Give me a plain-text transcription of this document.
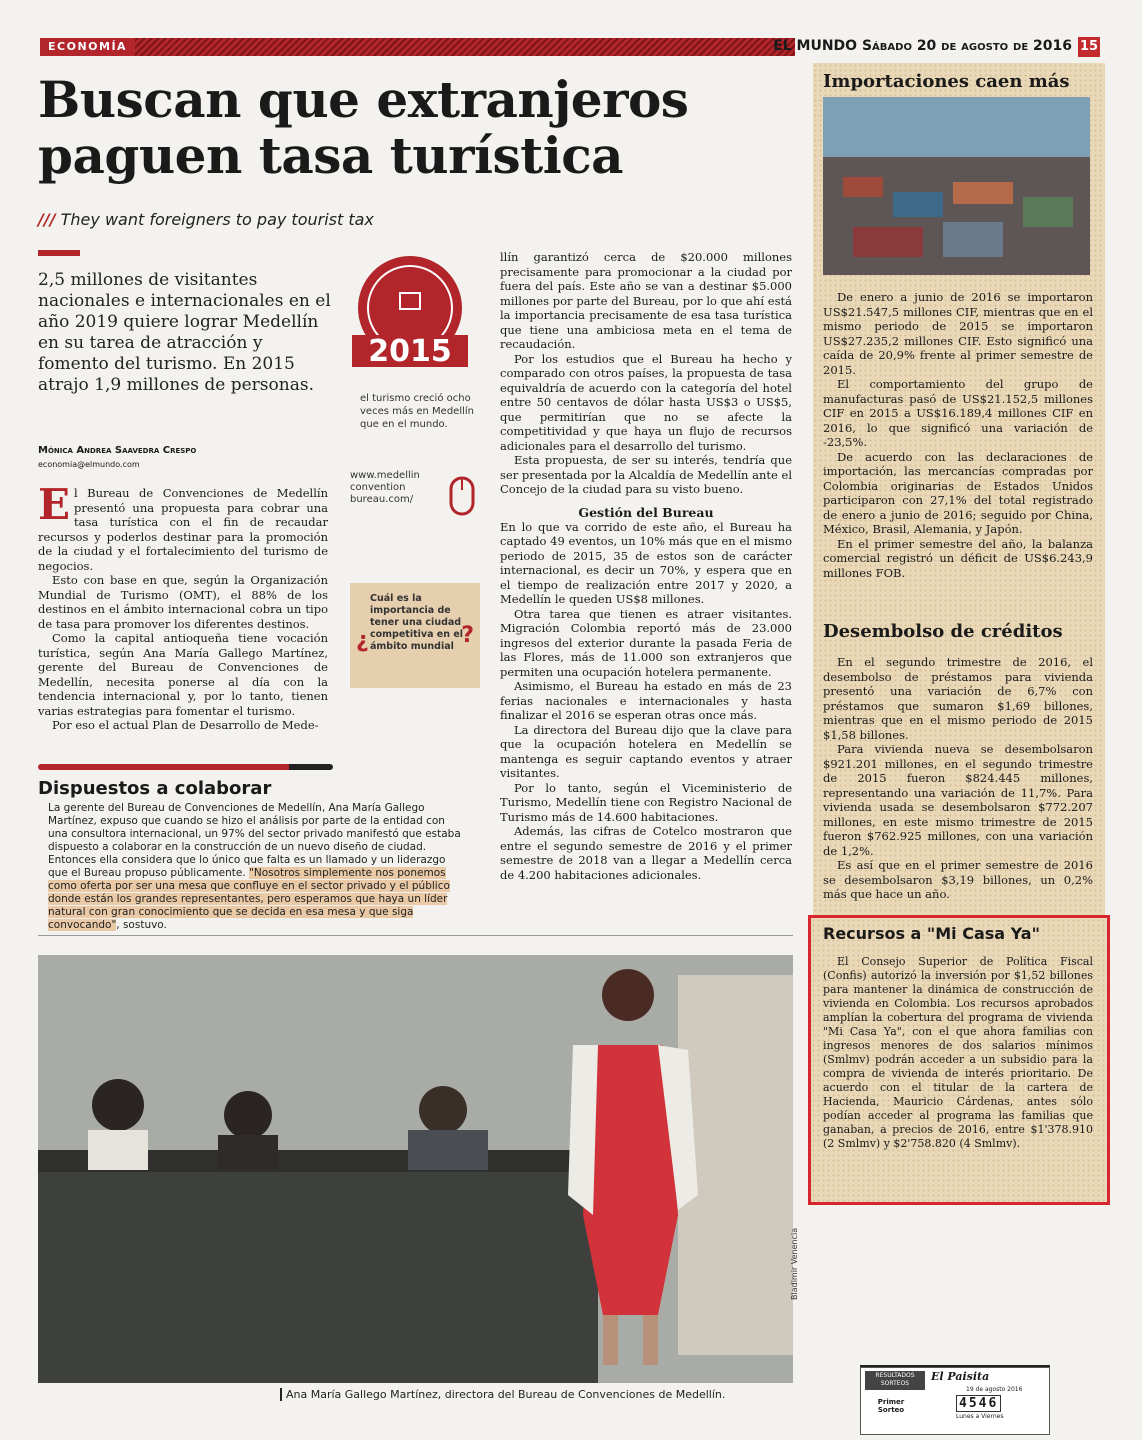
ECONOMÍA	EL MUNDO Sábado 20 de agosto de 2016 15
Buscan que extranjeros
paguen tasa turística
/// They want foreigners to pay tourist tax
2,5 millones de visitantes nacionales e internacionales en el año 2019 quiere lograr Medellín en su tarea de atracción y fomento del turismo. En 2015 atrajo 1,9 millones de personas.
Mónica Andrea Saavedra Crespo
economia@elmundo.com

El Bureau de Convenciones de Medellín presentó una propuesta para cobrar una tasa turística con el fin de recaudar recursos y poderlos destinar para la promoción de la ciudad y el fortalecimiento del turismo de negocios.

Esto con base en que, según la Organización Mundial de Turismo (OMT), el 88% de los destinos en el ámbito internacional cobra un tipo de tasa para promover los diferentes destinos.

Como la capital antioqueña tiene vocación turística, según Ana María Gallego Martínez, gerente del Bureau de Convenciones de Medellín, necesita ponerse al día con la tendencia internacional y, por lo tanto, tienen varias estrategias para fomentar el turismo.

Por eso el actual Plan de Desarrollo de Mede-

2015
el turismo creció ocho veces más en Medellín que en el mundo.
www.medellin convention bureau.com/
¿
Cuál es la importancia de tener una ciudad competitiva en el ámbito mundial ?

llín garantizó cerca de $20.000 millones precisamente para promocionar a la ciudad por fuera del país. Este año se van a destinar $5.000 millones por parte del Bureau, por lo que ahí está la importancia precisamente de esa tasa turística que tiene una ambiciosa meta en el tema de recaudación.

Por los estudios que el Bureau ha hecho y comparado con otros países, la propuesta de tasa equivaldría de acuerdo con la categoría del hotel entre 50 centavos de dólar hasta US$3 o US$5, que permitirían que no se afecte la competitividad y que haya un flujo de recursos adicionales para el desarrollo del turismo.

Esta propuesta, de ser su interés, tendría que ser presentada por la Alcaldía de Medellín ante el Concejo de la ciudad para su visto bueno.

Gestión del Bureau

En lo que va corrido de este año, el Bureau ha captado 49 eventos, un 10% más que en el mismo periodo de 2015, 35 de estos son de carácter internacional, es decir un 70%, y espera que en el tiempo de realización entre 2017 y 2020, a Medellín le queden US$8 millones.

Otra tarea que tienen es atraer visitantes. Migración Colombia reportó más de 23.000 ingresos del exterior durante la pasada Feria de las Flores, más de 11.000 son extranjeros que permiten una ocupación hotelera permanente.

Asimismo, el Bureau ha estado en más de 23 ferias nacionales e internacionales y hasta finalizar el 2016 se esperan otras once más.

La directora del Bureau dijo que la clave para que la ocupación hotelera en Medellín se mantenga es seguir captando eventos y atraer visitantes.

Por lo tanto, según el Viceministerio de Turismo, Medellín tiene con Registro Nacional de Turismo más de 14.600 habitaciones.

Además, las cifras de Cotelco mostraron que entre el segundo semestre de 2016 y el primer semestre de 2018 van a llegar a Medellín cerca de 4.200 habitaciones adicionales.

Dispuestos a colaborar
La gerente del Bureau de Convenciones de Medellín, Ana María Gallego Martínez, expuso que cuando se hizo el análisis por parte de la entidad con una consultora internacional, un 97% del sector privado manifestó que estaba dispuesto a colaborar en la construcción de un nuevo diseño de ciudad. Entonces ella considera que lo único que falta es un llamado y un liderazgo que el Bureau propuso públicamente. "Nosotros simplemente nos ponemos como oferta por ser una mesa que confluye en el sector privado y el público donde están los grandes representantes, pero esperamos que haya un líder natural con gran conocimiento que se decida en esa mesa y que siga convocando", sostuvo.
Ana María Gallego Martínez, directora del Bureau de Convenciones de Medellín.
Bladimir Venencia
Importaciones caen más

De enero a junio de 2016 se importaron US$21.547,5 millones CIF, mientras que en el mismo periodo de 2015 se importaron US$27.235,2 millones CIF. Esto significó una caída de 20,9% frente al primer semestre de 2015.

El comportamiento del grupo de manufacturas pasó de US$21.152,5 millones CIF en 2015 a US$16.189,4 millones CIF en 2016, lo que significó una variación de -23,5%.

De acuerdo con las declaraciones de importación, las mercancías compradas por Colombia originarias de Estados Unidos participaron con 27,1% del total registrado de enero a junio de 2016; seguido por China, México, Brasil, Alemania, y Japón.

En el primer semestre del año, la balanza comercial registró un déficit de US$6.243,9 millones FOB.

Desembolso de créditos

En el segundo trimestre de 2016, el desembolso de préstamos para vivienda presentó una variación de 6,7% con préstamos que sumaron $1,69 billones, mientras que en el mismo periodo de 2015 $1,58 billones.

Para vivienda nueva se desembolsaron $921.201 millones, en el segundo trimestre de 2015 fueron $824.445 millones, representando una variación de 11,7%. Para vivienda usada se desembolsaron $772.207 millones, en este mismo trimestre de 2015 fueron $762.925 millones, con una variación de 1,2%.

Es así que en el primer semestre de 2016 se desembolsaron $3,19 billones, un 0,2% más que hace un año.

Recursos a "Mi Casa Ya"

El Consejo Superior de Política Fiscal (Confis) autorizó la inversión por $1,52 billones para mantener la dinámica de construcción de vivienda en Colombia. Los recursos aprobados amplían la cobertura del programa de vivienda "Mi Casa Ya", con el que ahora familias con ingresos menores de dos salarios mínimos (Smlmv) podrán acceder a un subsidio para la compra de vivienda de interés prioritario. De acuerdo con el titular de la cartera de Hacienda, Mauricio Cárdenas, antes sólo podían acceder al programa las familias que ganaban, a precios de 2016, entre $1'378.910 (2 Smlmv) y $2'758.820 (4 Smlmv).

RESULTADOS SORTEOS
El Paisita
19 de agosto 2016
Primer Sorteo	4546
Lunes a Viernes
